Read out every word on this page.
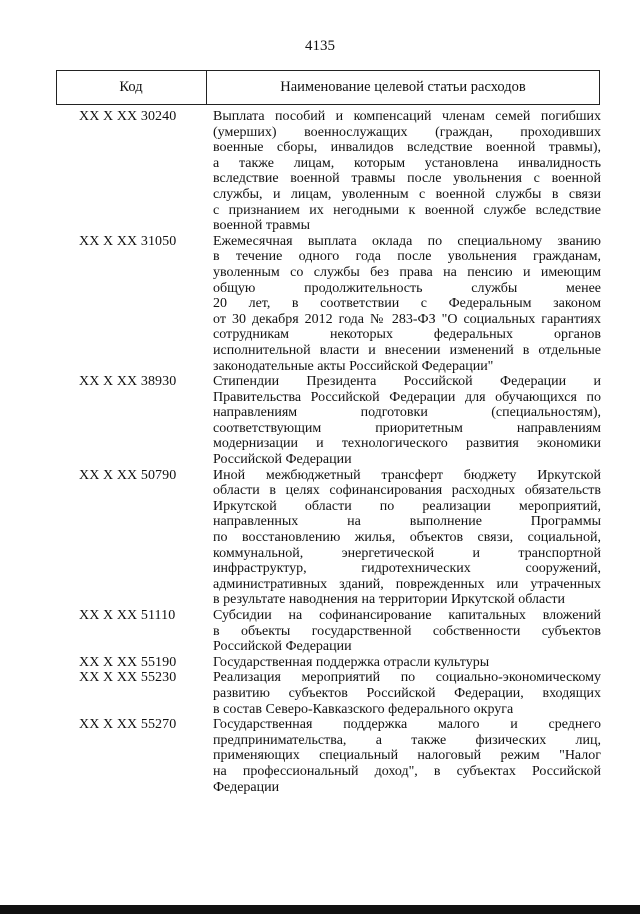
4135
Код	Наименование целевой статьи расходов
XX X XX 30240	Выплата пособий и компенсаций членам семей погибших
(умерших) военнослужащих (граждан, проходивших
военные сборы, инвалидов вследствие военной травмы),
а также лицам, которым установлена инвалидность
вследствие военной травмы после увольнения с военной
службы, и лицам, уволенным с военной службы в связи
с признанием их негодными к военной службе вследствие
военной травмы
XX X XX 31050	Ежемесячная выплата оклада по специальному званию
в течение одного года после увольнения гражданам,
уволенным со службы без права на пенсию и имеющим
общую продолжительность службы менее
20 лет, в соответствии с Федеральным законом
от 30 декабря 2012 года № 283-ФЗ "О социальных гарантиях
сотрудникам некоторых федеральных органов
исполнительной власти и внесении изменений в отдельные
законодательные акты Российской Федерации"
XX X XX 38930	Стипендии Президента Российской Федерации и
Правительства Российской Федерации для обучающихся по
направлениям подготовки (специальностям),
соответствующим приоритетным направлениям
модернизации и технологического развития экономики
Российской Федерации
XX X XX 50790	Иной межбюджетный трансферт бюджету Иркутской
области в целях софинансирования расходных обязательств
Иркутской области по реализации мероприятий,
направленных на выполнение Программы
по восстановлению жилья, объектов связи, социальной,
коммунальной, энергетической и транспортной
инфраструктур, гидротехнических сооружений,
административных зданий, поврежденных или утраченных
в результате наводнения на территории Иркутской области
XX X XX 51110	Субсидии на софинансирование капитальных вложений
в объекты государственной собственности субъектов
Российской Федерации
XX X XX 55190	Государственная поддержка отрасли культуры
XX X XX 55230	Реализация мероприятий по социально-экономическому
развитию субъектов Российской Федерации, входящих
в состав Северо-Кавказского федерального округа
XX X XX 55270	Государственная поддержка малого и среднего
предпринимательства, а также физических лиц,
применяющих специальный налоговый режим "Налог
на профессиональный доход", в субъектах Российской
Федерации
